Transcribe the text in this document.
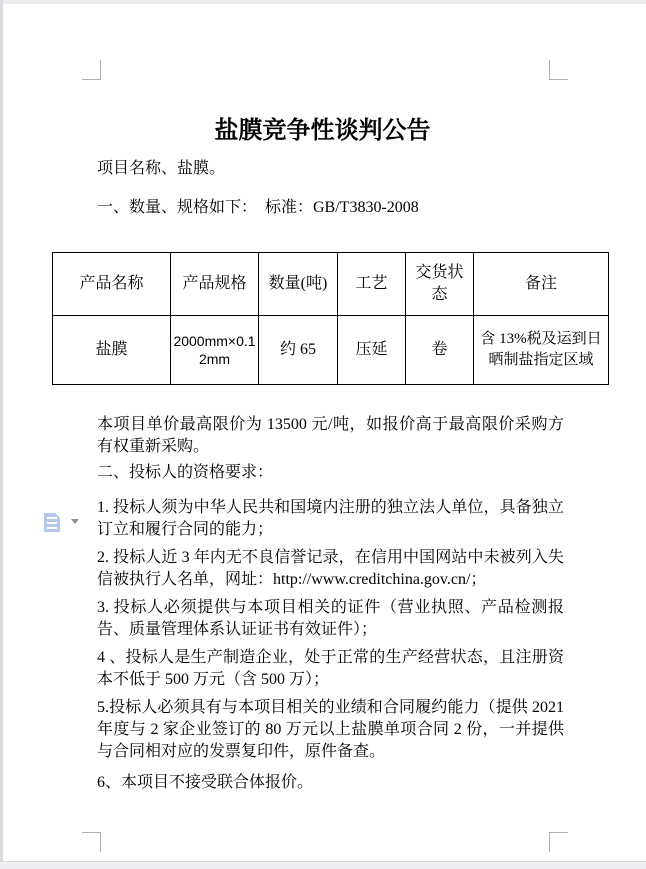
盐膜竞争性谈判公告

项目名称、盐膜。

一、数量、规格如下：  标准：GB/T3830-2008

产品名称	产品规格	数量(吨)	工艺	交货状态	备注
盐膜	2000mm×0.12mm	约 65	压延	卷	含 13%税及运到日晒制盐指定区域

本项目单价最高限价为 13500 元/吨，如报价高于最高限价采购方有权重新采购。

二、投标人的资格要求：

1. 投标人须为中华人民共和国境内注册的独立法人单位，具备独立订立和履行合同的能力；

2. 投标人近 3 年内无不良信誉记录，在信用中国网站中未被列入失信被执行人名单，网址：http://www.creditchina.gov.cn/；

3. 投标人必须提供与本项目相关的证件（营业执照、产品检测报告、质量管理体系认证证书有效证件）；

4 、投标人是生产制造企业，处于正常的生产经营状态，且注册资本不低于 500 万元（含 500 万）；

5.投标人必须具有与本项目相关的业绩和合同履约能力（提供 2021 年度与 2 家企业签订的 80 万元以上盐膜单项合同 2 份，一并提供与合同相对应的发票复印件，原件备查。

6、本项目不接受联合体报价。
